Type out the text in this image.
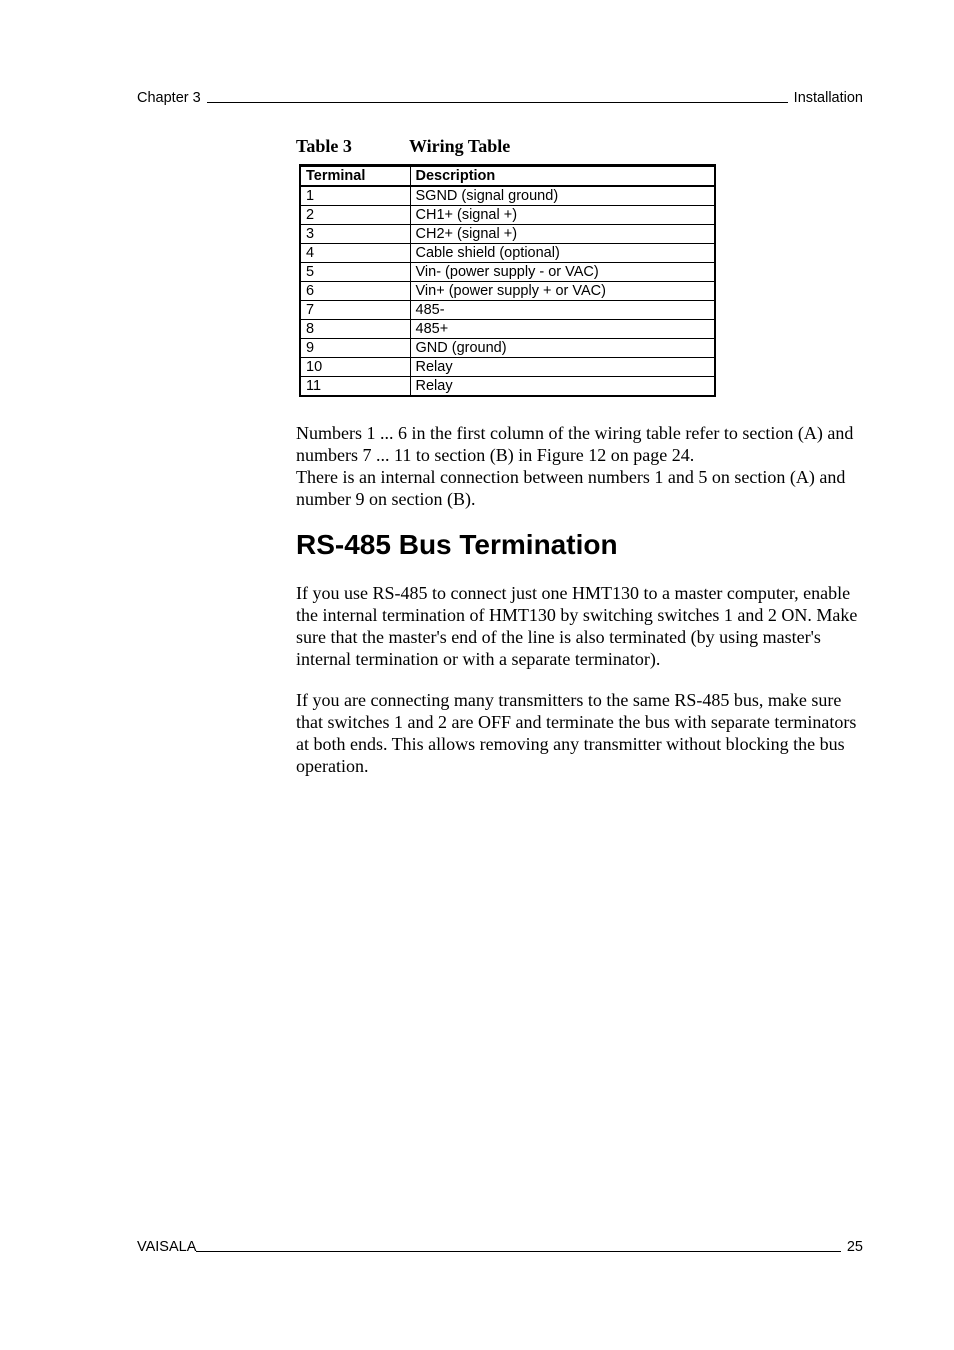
Chapter 3	Installation
Table 3	Wiring Table
Terminal	Description
1	SGND (signal ground)
2	CH1+ (signal +)
3	CH2+ (signal +)
4	Cable shield (optional)
5	Vin- (power supply - or VAC)
6	Vin+ (power supply + or VAC)
7	485-
8	485+
9	GND (ground)
10	Relay
11	Relay

Numbers 1 ... 6 in the first column of the wiring table refer to section (A) and numbers 7 ... 11 to section (B) in Figure 12 on page 24.

There is an internal connection between numbers 1 and 5 on section (A) and number 9 on section (B).

RS-485 Bus Termination

If you use RS-485 to connect just one HMT130 to a master computer, enable the internal termination of HMT130 by switching switches 1 and 2 ON. Make sure that the master's end of the line is also terminated (by using master's internal termination or with a separate terminator).

If you are connecting many transmitters to the same RS-485 bus, make sure that switches 1 and 2 are OFF and terminate the bus with separate terminators at both ends. This allows removing any transmitter without blocking the bus operation.

VAISALA	25
